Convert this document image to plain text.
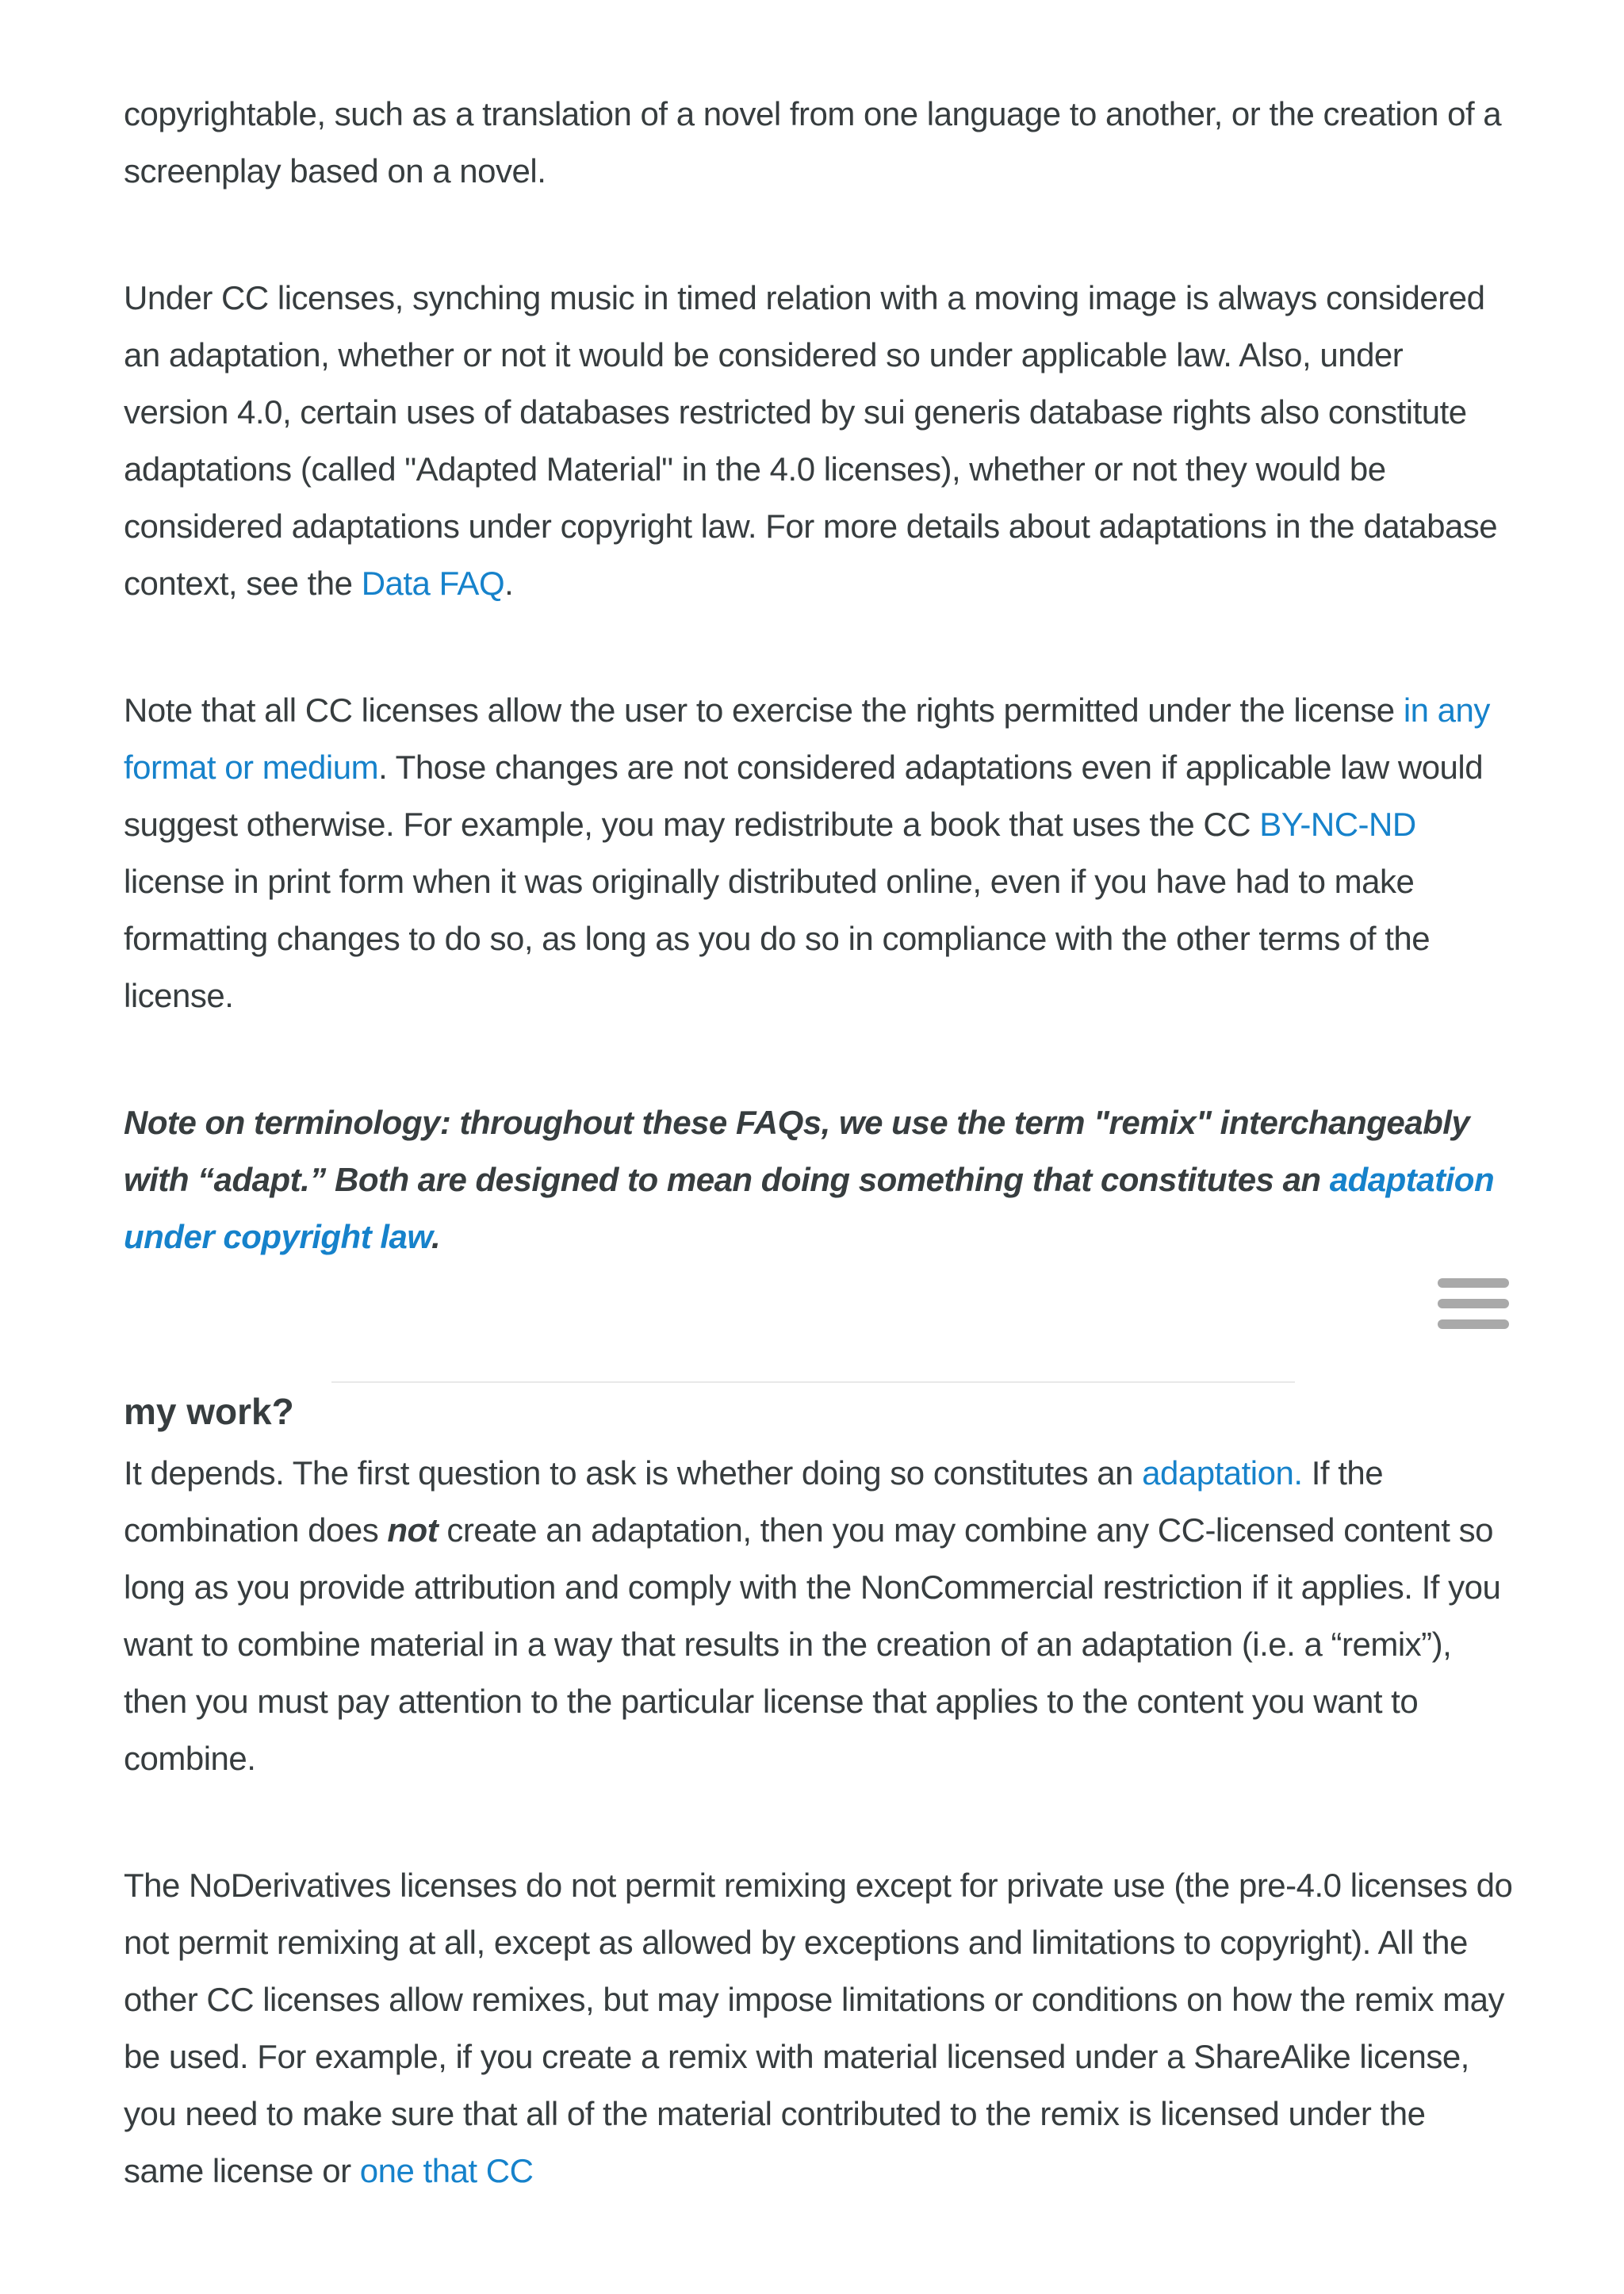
copyrightable, such as a translation of a novel from one language to another, or the creation of a screenplay based on a novel.

Under CC licenses, synching music in timed relation with a moving image is always considered an adaptation, whether or not it would be considered so under applicable law. Also, under version 4.0, certain uses of databases restricted by sui generis database rights also constitute adaptations (called "Adapted Material" in the 4.0 licenses), whether or not they would be considered adaptations under copyright law. For more details about adaptations in the database context, see the Data FAQ.

Note that all CC licenses allow the user to exercise the rights permitted under the license in any format or medium. Those changes are not considered adaptations even if applicable law would suggest otherwise. For example, you may redistribute a book that uses the CC BY-NC-ND license in print form when it was originally distributed online, even if you have had to make formatting changes to do so, as long as you do so in compliance with the other terms of the license.

Note on terminology: throughout these FAQs, we use the term "remix" interchangeably with “adapt.” Both are designed to mean doing something that constitutes an adaptation under copyright law.

my work?

It depends. The first question to ask is whether doing so constitutes an adaptation. If the combination does not create an adaptation, then you may combine any CC-licensed content so long as you provide attribution and comply with the NonCommercial restriction if it applies. If you want to combine material in a way that results in the creation of an adaptation (i.e. a “remix”), then you must pay attention to the particular license that applies to the content you want to combine.

The NoDerivatives licenses do not permit remixing except for private use (the pre-4.0 licenses do not permit remixing at all, except as allowed by exceptions and limitations to copyright). All the other CC licenses allow remixes, but may impose limitations or conditions on how the remix may be used. For example, if you create a remix with material licensed under a ShareAlike license, you need to make sure that all of the material contributed to the remix is licensed under the same license or one that CC
